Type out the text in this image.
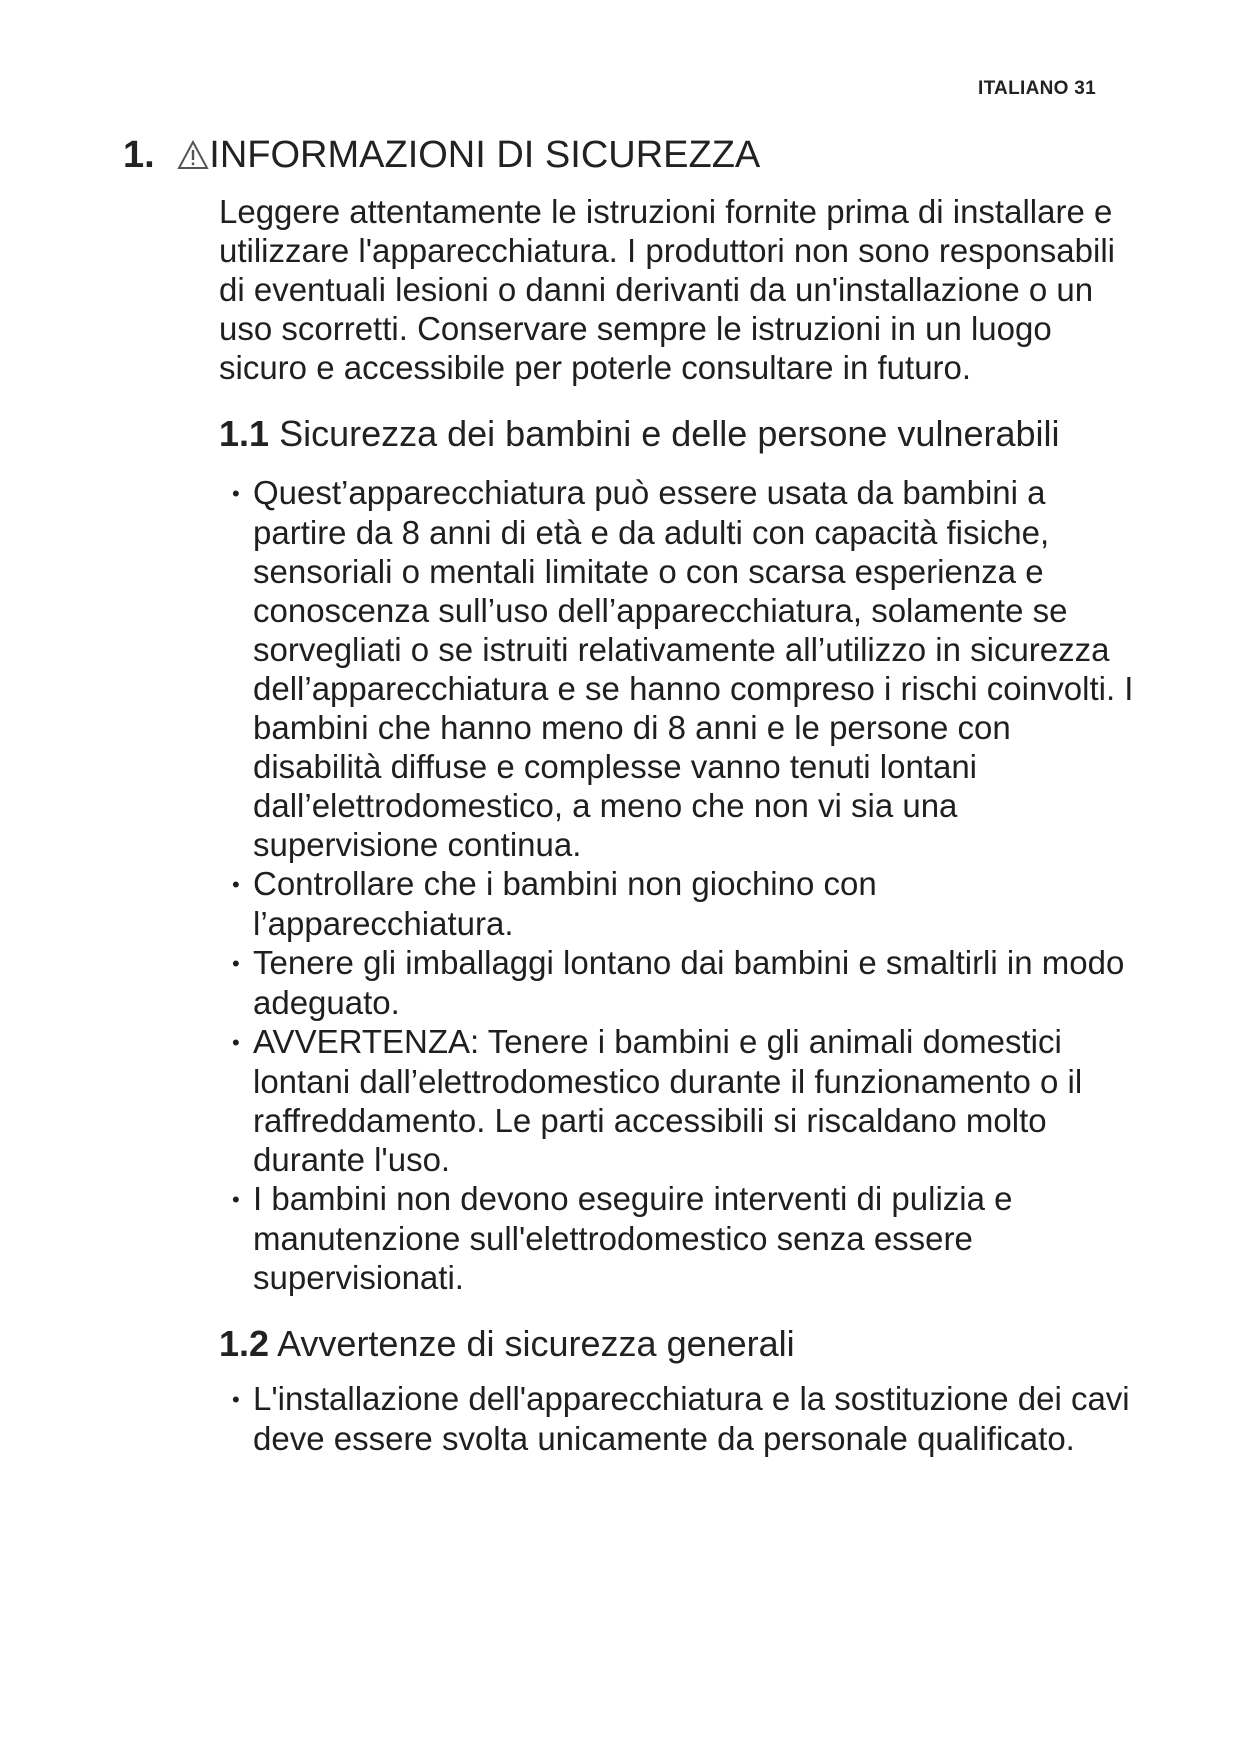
ITALIANO 31
1. INFORMAZIONI DI SICUREZZA

Leggere attentamente le istruzioni fornite prima di installare e utilizzare l'apparecchiatura. I produttori non sono responsabili di eventuali lesioni o danni derivanti da un'installazione o un uso scorretti. Conservare sempre le istruzioni in un luogo sicuro e accessibile per poterle consultare in futuro.

1.1 Sicurezza dei bambini e delle persone vulnerabili
• Quest’apparecchiatura può essere usata da bambini a partire da 8 anni di età e da adulti con capacità fisiche, sensoriali o mentali limitate o con scarsa esperienza e conoscenza sull’uso dell’apparecchiatura, solamente se sorvegliati o se istruiti relativamente all’utilizzo in sicurezza dell’apparecchiatura e se hanno compreso i rischi coinvolti. I bambini che hanno meno di 8 anni e le persone con disabilità diffuse e complesse vanno tenuti lontani dall’elettrodomestico, a meno che non vi sia una supervisione continua.
• Controllare che i bambini non giochino con l’apparecchiatura.
• Tenere gli imballaggi lontano dai bambini e smaltirli in modo adeguato.
• AVVERTENZA: Tenere i bambini e gli animali domestici lontani dall’elettrodomestico durante il funzionamento o il raffreddamento. Le parti accessibili si riscaldano molto durante l'uso.
• I bambini non devono eseguire interventi di pulizia e manutenzione sull'elettrodomestico senza essere supervisionati.
1.2 Avvertenze di sicurezza generali
• L'installazione dell'apparecchiatura e la sostituzione dei cavi deve essere svolta unicamente da personale qualificato.
